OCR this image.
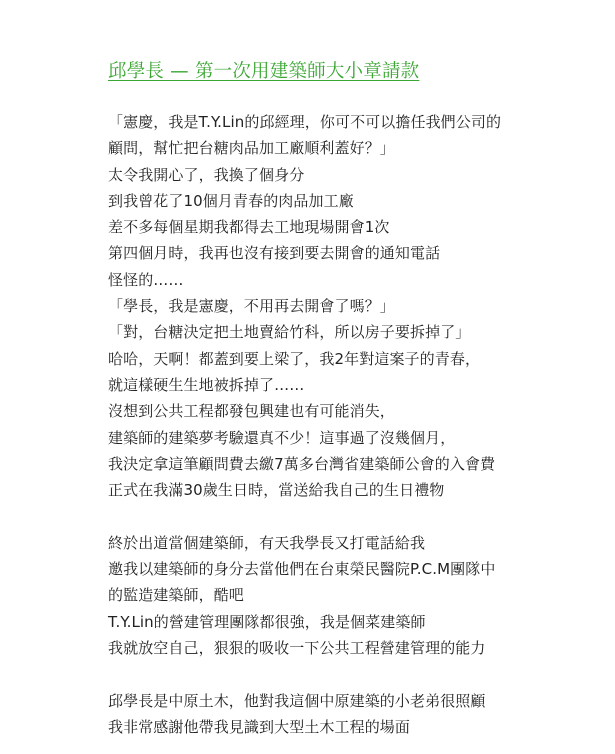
邱學長 — 第一次用建築師大小章請款
「憲慶，我是T.Y.Lin的邱經理，你可不可以擔任我們公司的
顧問，幫忙把台糖肉品加工廠順利蓋好？」
太令我開心了，我換了個身分
到我曾花了10個月青春的肉品加工廠
差不多每個星期我都得去工地現場開會1次
第四個月時，我再也沒有接到要去開會的通知電話
怪怪的……
「學長，我是憲慶，不用再去開會了嗎？」
「對，台糖決定把土地賣給竹科，所以房子要拆掉了」
哈哈，天啊！都蓋到要上梁了，我2年對這案子的青春，
就這樣硬生生地被拆掉了……
沒想到公共工程都發包興建也有可能消失，
建築師的建築夢考驗還真不少！這事過了沒幾個月，
我決定拿這筆顧問費去繳7萬多台灣省建築師公會的入會費
正式在我滿30歲生日時，當送給我自己的生日禮物
終於出道當個建築師，有天我學長又打電話給我
邀我以建築師的身分去當他們在台東榮民醫院P.C.M團隊中
的監造建築師，酷吧
T.Y.Lin的營建管理團隊都很強，我是個菜建築師
我就放空自己，狠狠的吸收一下公共工程營建管理的能力
邱學長是中原土木，他對我這個中原建築的小老弟很照顧
我非常感謝他帶我見識到大型土木工程的場面
